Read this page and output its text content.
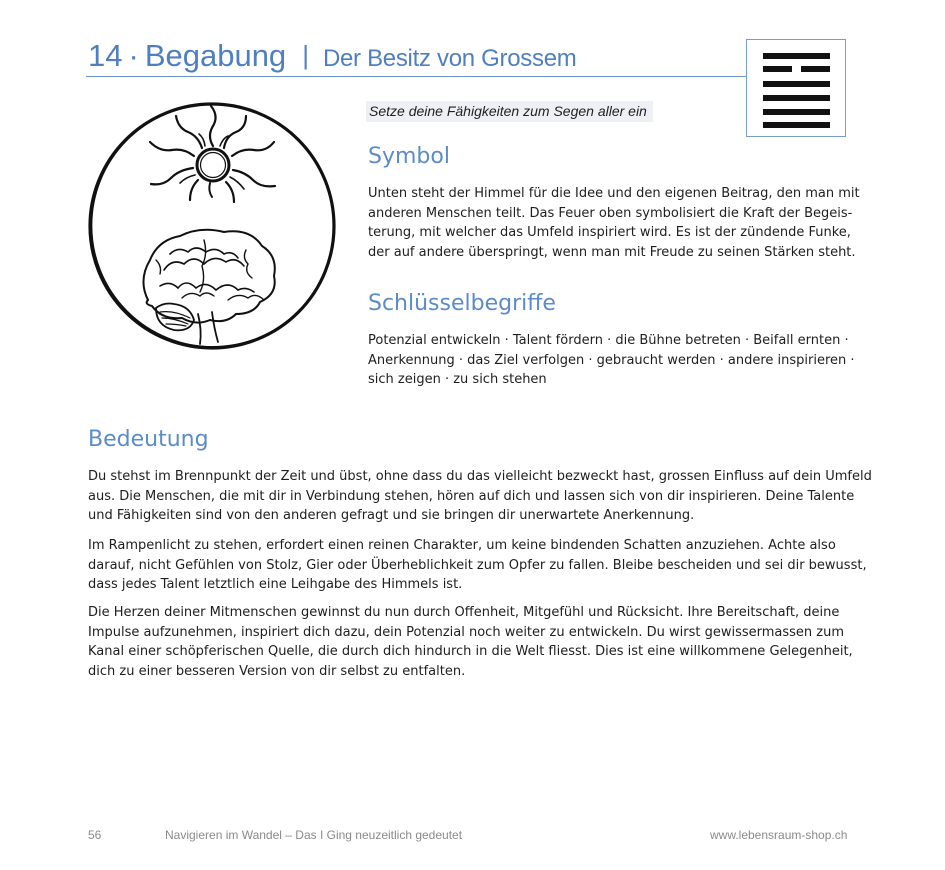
14 · Begabung | Der Besitz von Grossem
Setze deine Fähigkeiten zum Segen aller ein
Symbol
Unten steht der Himmel für die Idee und den eigenen Beitrag, den man mit
anderen Menschen teilt. Das Feuer oben symbolisiert die Kraft der Begeis-
terung, mit welcher das Umfeld inspiriert wird. Es ist der zündende Funke,
der auf andere überspringt, wenn man mit Freude zu seinen Stärken steht.
Schlüsselbegriffe
Potenzial entwickeln · Talent fördern · die Bühne betreten · Beifall ernten ·
Anerkennung · das Ziel verfolgen · gebraucht werden · andere inspirieren ·
sich zeigen · zu sich stehen
Bedeutung
Du stehst im Brennpunkt der Zeit und übst, ohne dass du das vielleicht bezweckt hast, grossen Einfluss auf dein Umfeld
aus. Die Menschen, die mit dir in Verbindung stehen, hören auf dich und lassen sich von dir inspirieren. Deine Talente
und Fähigkeiten sind von den anderen gefragt und sie bringen dir unerwartete Anerkennung.
Im Rampenlicht zu stehen, erfordert einen reinen Charakter, um keine bindenden Schatten anzuziehen. Achte also
darauf, nicht Gefühlen von Stolz, Gier oder Überheblichkeit zum Opfer zu fallen. Bleibe bescheiden und sei dir bewusst,
dass jedes Talent letztlich eine Leihgabe des Himmels ist.
Die Herzen deiner Mitmenschen gewinnst du nun durch Offenheit, Mitgefühl und Rücksicht. Ihre Bereitschaft, deine
Impulse aufzunehmen, inspiriert dich dazu, dein Potenzial noch weiter zu entwickeln. Du wirst gewissermassen zum
Kanal einer schöpferischen Quelle, die durch dich hindurch in die Welt fliesst. Dies ist eine willkommene Gelegenheit,
dich zu einer besseren Version von dir selbst zu entfalten.
56	Navigieren im Wandel – Das I Ging neuzeitlich gedeutet	www.lebensraum-shop.ch
